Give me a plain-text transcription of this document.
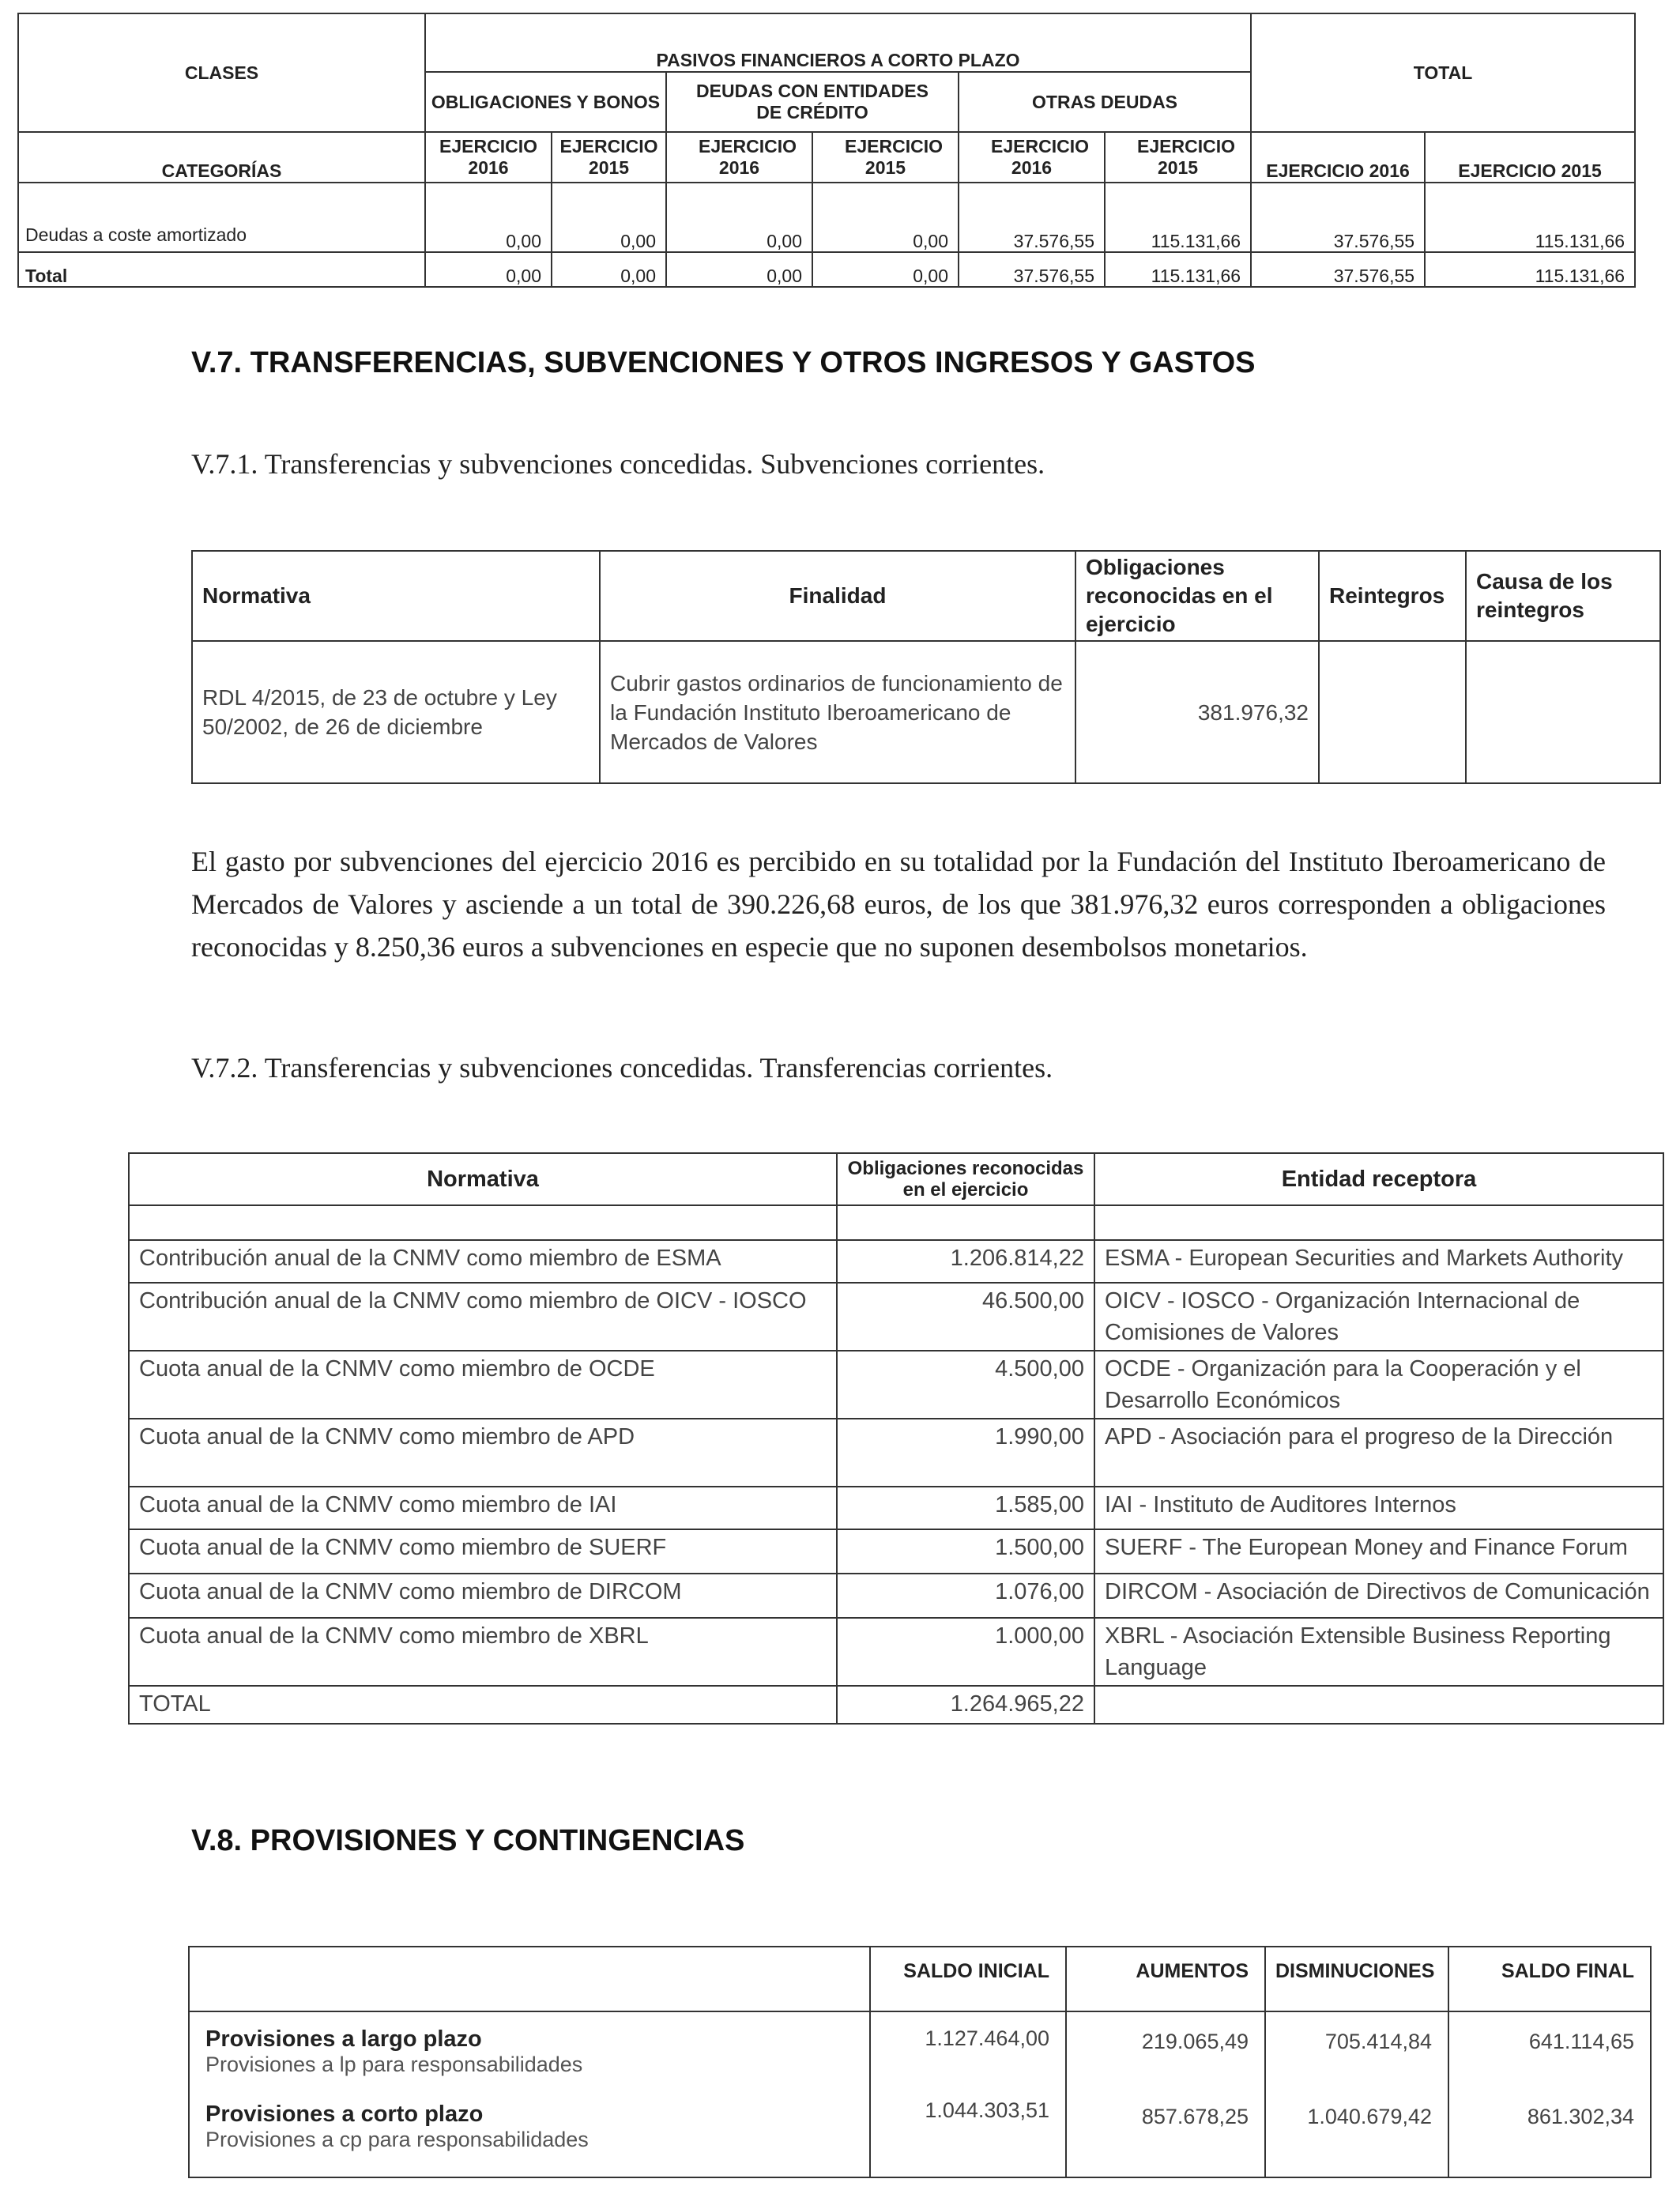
CLASES	PASIVOS FINANCIEROS A CORTO PLAZO						TOTAL	
	OBLIGACIONES Y BONOS		DEUDAS CON ENTIDADES DE CRÉDITO		OTRAS DEUDAS			
CATEGORÍAS	EJERCICIO 2016	EJERCICIO 2015	EJERCICIO 2016	EJERCICIO 2015	EJERCICIO 2016	EJERCICIO 2015	EJERCICIO 2016	EJERCICIO 2015
Deudas a coste amortizado	0,00	0,00	0,00	0,00	37.576,55	115.131,66	37.576,55	115.131,66
Total	0,00	0,00	0,00	0,00	37.576,55	115.131,66	37.576,55	115.131,66
V.7. TRANSFERENCIAS, SUBVENCIONES Y OTROS INGRESOS Y GASTOS
V.7.1. Transferencias y subvenciones concedidas. Subvenciones corrientes.
Normativa	Finalidad	Obligaciones reconocidas en el ejercicio	Reintegros	Causa de los reintegros
RDL 4/2015, de 23 de octubre y Ley 50/2002, de 26 de diciembre	Cubrir gastos ordinarios de funcionamiento de la Fundación Instituto Iberoamericano de Mercados de Valores	381.976,32		
El gasto por subvenciones del ejercicio 2016 es percibido en su totalidad por la Fundación del Instituto Iberoamericano de Mercados de Valores y asciende a un total de 390.226,68 euros, de los que 381.976,32 euros corresponden a obligaciones reconocidas y 8.250,36 euros a subvenciones en especie que no suponen desembolsos monetarios.
V.7.2. Transferencias y subvenciones concedidas. Transferencias corrientes.
Normativa	Obligaciones reconocidas en el ejercicio	Entidad receptora

Contribución anual de la CNMV como miembro de ESMA	1.206.814,22	ESMA - European Securities and Markets Authority
Contribución anual de la CNMV como miembro de OICV - IOSCO	46.500,00	OICV - IOSCO - Organización Internacional de Comisiones de Valores
Cuota anual de la CNMV como miembro de OCDE	4.500,00	OCDE - Organización para la Cooperación y el Desarrollo Económicos
Cuota anual de la CNMV como miembro de APD	1.990,00	APD - Asociación para el progreso de la Dirección
Cuota anual de la CNMV como miembro de IAI	1.585,00	IAI - Instituto de Auditores Internos
Cuota anual de la CNMV como miembro de SUERF	1.500,00	SUERF - The European Money and Finance Forum
Cuota anual de la CNMV como miembro de DIRCOM	1.076,00	DIRCOM - Asociación de Directivos de Comunicación
Cuota anual de la CNMV como miembro de XBRL	1.000,00	XBRL - Asociación Extensible Business Reporting Language
TOTAL	1.264.965,22	
V.8. PROVISIONES Y CONTINGENCIAS
	SALDO INICIAL	AUMENTOS	DISMINUCIONES	SALDO FINAL

Provisiones a largo plazo
Provisiones a lp para responsabilidades	1.127.464,00	219.065,49	705.414,84	641.114,65

Provisiones a corto plazo
Provisiones a cp para responsabilidades	1.044.303,51	857.678,25	1.040.679,42	861.302,34
